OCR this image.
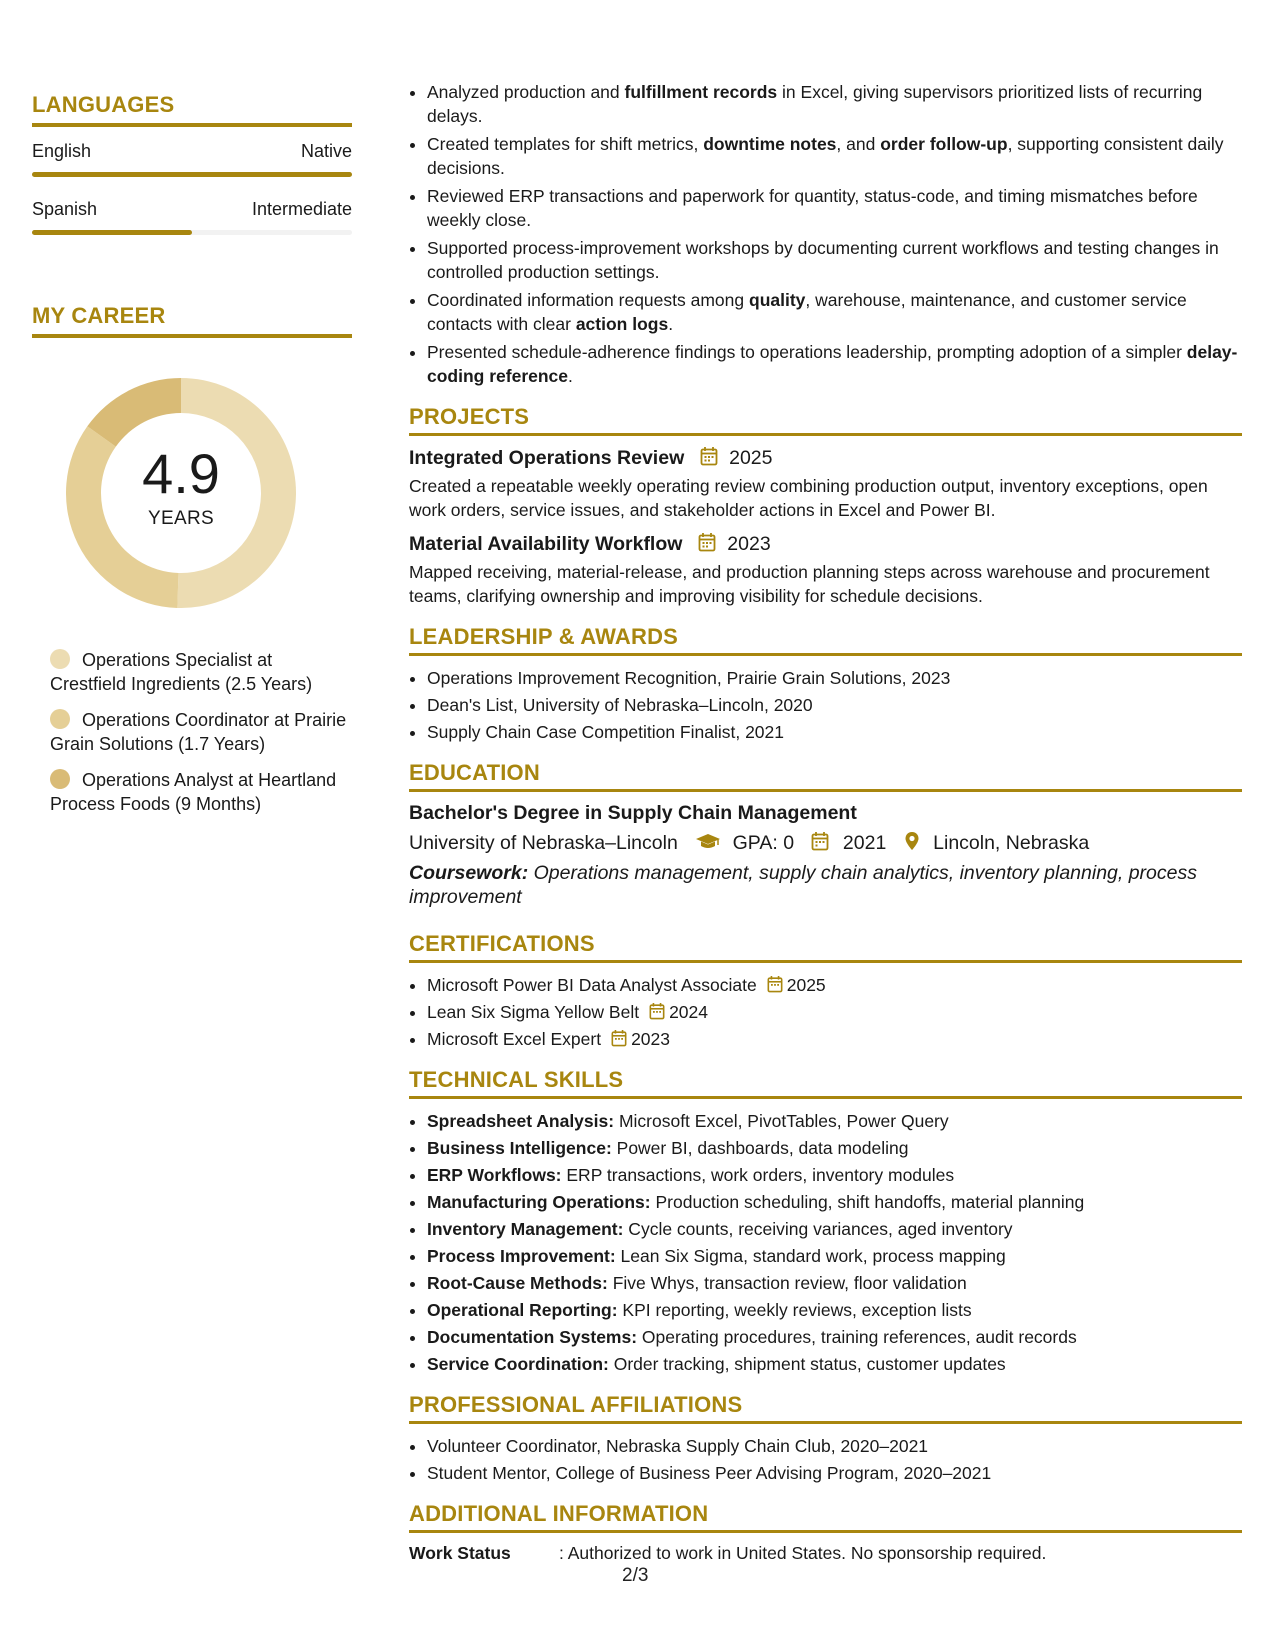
LANGUAGES
English	Native
Spanish	Intermediate
MY CAREER
4.9
YEARS
Operations Specialist at Crestfield Ingredients (2.5 Years)
Operations Coordinator at Prairie Grain Solutions (1.7 Years)
Operations Analyst at Heartland Process Foods (9 Months)
• Analyzed production and fulfillment records in Excel, giving supervisors prioritized lists of recurring delays.
• Created templates for shift metrics, downtime notes, and order follow-up, supporting consistent daily decisions.
• Reviewed ERP transactions and paperwork for quantity, status-code, and timing mismatches before weekly close.
• Supported process-improvement workshops by documenting current workflows and testing changes in controlled production settings.
• Coordinated information requests among quality, warehouse, maintenance, and customer service contacts with clear action logs.
• Presented schedule-adherence findings to operations leadership, prompting adoption of a simpler delay-coding reference.
PROJECTS
Integrated Operations Review 2025
Created a repeatable weekly operating review combining production output, inventory exceptions, open work orders, service issues, and stakeholder actions in Excel and Power BI.
Material Availability Workflow 2023
Mapped receiving, material-release, and production planning steps across warehouse and procurement teams, clarifying ownership and improving visibility for schedule decisions.
LEADERSHIP & AWARDS
• Operations Improvement Recognition, Prairie Grain Solutions, 2023
• Dean's List, University of Nebraska–Lincoln, 2020
• Supply Chain Case Competition Finalist, 2021
EDUCATION
Bachelor's Degree in Supply Chain Management
University of Nebraska–Lincoln	GPA: 0	2021 Lincoln, Nebraska
Coursework: Operations management, supply chain analytics, inventory planning, process improvement
CERTIFICATIONS
• Microsoft Power BI Data Analyst Associate 2025
• Lean Six Sigma Yellow Belt 2024
• Microsoft Excel Expert 2023
TECHNICAL SKILLS
• Spreadsheet Analysis: Microsoft Excel, PivotTables, Power Query
• Business Intelligence: Power BI, dashboards, data modeling
• ERP Workflows: ERP transactions, work orders, inventory modules
• Manufacturing Operations: Production scheduling, shift handoffs, material planning
• Inventory Management: Cycle counts, receiving variances, aged inventory
• Process Improvement: Lean Six Sigma, standard work, process mapping
• Root-Cause Methods: Five Whys, transaction review, floor validation
• Operational Reporting: KPI reporting, weekly reviews, exception lists
• Documentation Systems: Operating procedures, training references, audit records
• Service Coordination: Order tracking, shipment status, customer updates
PROFESSIONAL AFFILIATIONS
• Volunteer Coordinator, Nebraska Supply Chain Club, 2020–2021
• Student Mentor, College of Business Peer Advising Program, 2020–2021
ADDITIONAL INFORMATION
Work Status	: Authorized to work in United States. No sponsorship required.
2/3
